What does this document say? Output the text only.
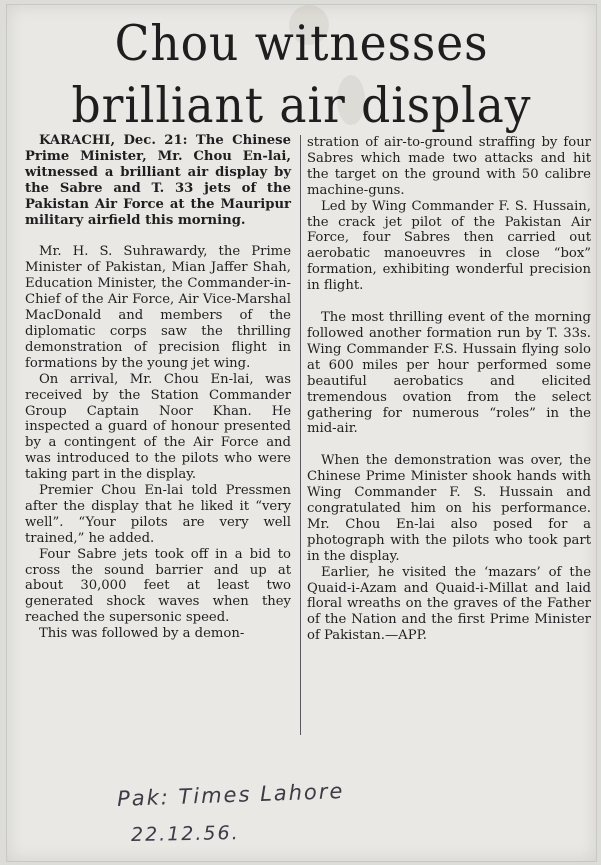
Chou witnesses
brilliant air display

KARACHI, Dec. 21: The Chinese Prime Minister, Mr. Chou En-lai, witnessed a brilliant air display by the Sabre and T. 33 jets of the Pakistan Air Force at the Mauripur military airfield this morning.

Mr. H. S. Suhrawardy, the Prime Minister of Pakistan, Mian Jaffer Shah, Education Minister, the Commander-in-Chief of the Air Force, Air Vice-Marshal MacDonald and members of the diplomatic corps saw the thrilling demonstration of precision flight in formations by the young jet wing.

On arrival, Mr. Chou En-lai, was received by the Station Commander Group Captain Noor Khan. He inspected a guard of honour presented by a contingent of the Air Force and was introduced to the pilots who were taking part in the display.

Premier Chou En-lai told Pressmen after the display that he liked it “very well”. “Your pilots are very well trained,” he added.

Four Sabre jets took off in a bid to cross the sound barrier and up at about 30,000 feet at least two generated shock waves when they reached the supersonic speed.

This was followed by a demon-

stration of air-to-ground straffing by four Sabres which made two attacks and hit the target on the ground with 50 calibre machine-guns.

Led by Wing Commander F. S. Hussain, the crack jet pilot of the Pakistan Air Force, four Sabres then carried out aerobatic manoeuvres in close “box” formation, exhibiting wonderful precision in flight.

The most thrilling event of the morning followed another formation run by T. 33s. Wing Commander F.S. Hussain flying solo at 600 miles per hour performed some beautiful aerobatics and elicited tremendous ovation from the select gathering for numerous “roles” in the mid-air.

When the demonstration was over, the Chinese Prime Minister shook hands with Wing Commander F. S. Hussain and congratulated him on his performance. Mr. Chou En-lai also posed for a photograph with the pilots who took part in the display.

Earlier, he visited the ‘mazars’ of the Quaid-i-Azam and Quaid-i-Millat and laid floral wreaths on the graves of the Father of the Nation and the first Prime Minister of Pakistan.—APP.

Pak: Times Lahore
22.12.56.
